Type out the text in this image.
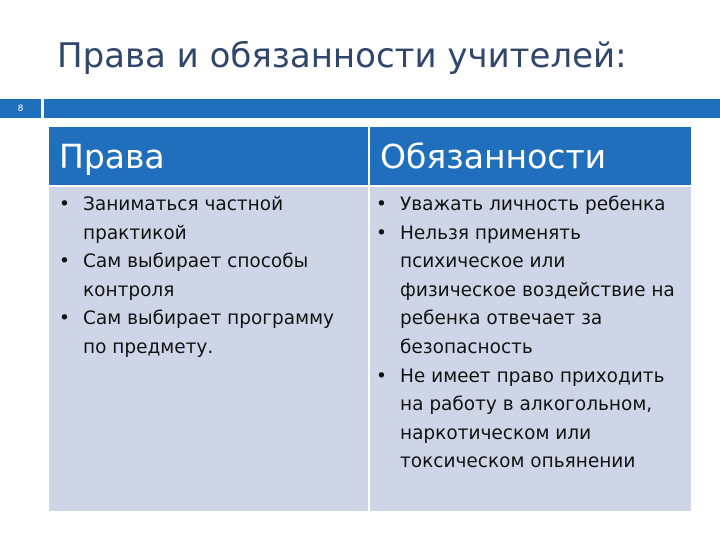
Права и обязанности учителей:
8
Права	Обязанности
• Заниматься частной практикой
• Сам выбирает способы контроля
• Сам выбирает программу по предмету.
• Уважать личность ребенка
• Нельзя применять психическое или физическое воздействие на ребенка отвечает за безопасность
• Не имеет право приходить на работу в алкогольном, наркотическом или токсическом опьянении
